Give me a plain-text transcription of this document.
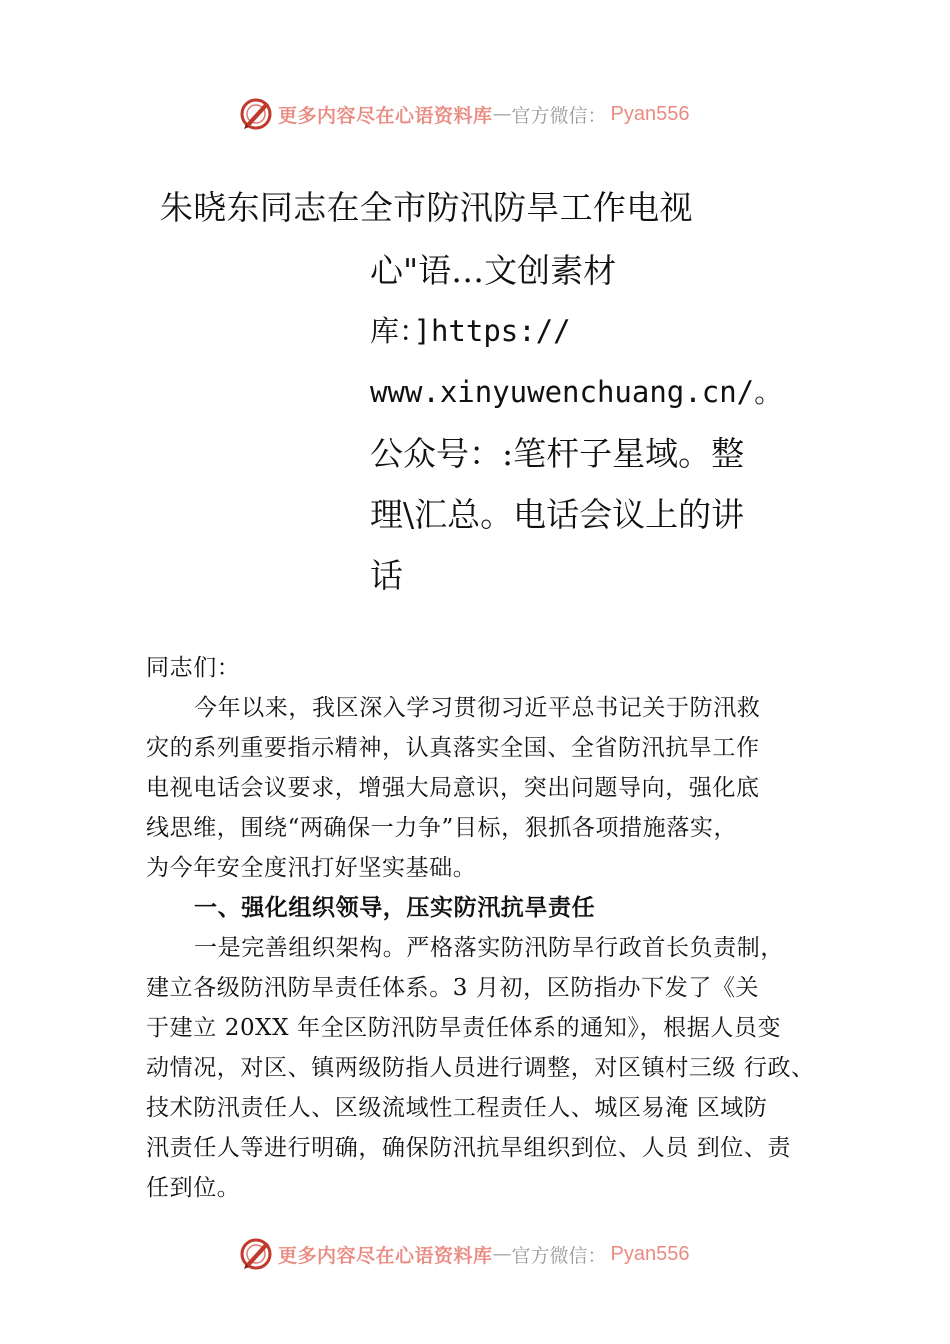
更多内容尽在心语资料库 — 官方微信： Pyan556
朱晓东同志在全市防汛防旱工作电视
心"语…文创素材
库：]https://
www.xinyuwenchuang.cn/。
公众号：:笔杆子星域。整
理\汇总。电话会议上的讲
话
同志们：
今年以来，我区深入学习贯彻习近平总书记关于防汛救
灾的系列重要指示精神，认真落实全国、全省防汛抗旱工作
电视电话会议要求，增强大局意识，突出问题导向，强化底
线思维，围绕“两确保一力争”目标，狠抓各项措施落实，
为今年安全度汛打好坚实基础。
一、强化组织领导，压实防汛抗旱责任
一是完善组织架构。严格落实防汛防旱行政首长负责制，
建立各级防汛防旱责任体系。3 月初，区防指办下发了《关
于建立 20XX 年全区防汛防旱责任体系的通知》，根据人员变
动情况，对区、镇两级防指人员进行调整，对区镇村三级 行政、
技术防汛责任人、区级流域性工程责任人、城区易淹 区域防
汛责任人等进行明确，确保防汛抗旱组织到位、人员 到位、责
任到位。
更多内容尽在心语资料库 — 官方微信： Pyan556
